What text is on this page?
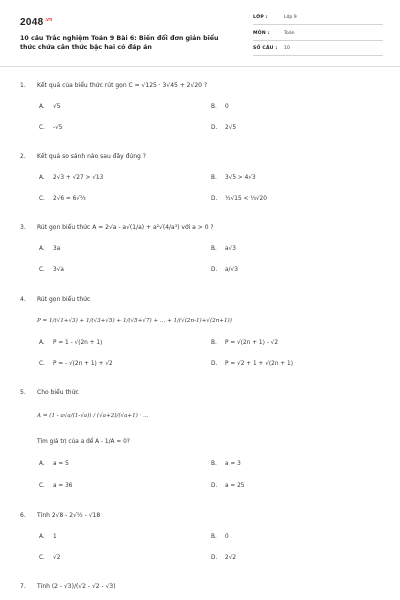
$2048^{.vn}$
10 câu Trắc nghiệm Toán 9 Bài 6: Biến đổi đơn giản biểu thức chứa căn thức bậc hai có đáp án
LỚP :	Lớp 9
MÔN :	Toán
SỐ CÂU : 10
1. Kết quả của biểu thức rút gọn C = √125 · 3√45 + 2√20 ?
A. √5	B. 0
C. -√5	D. 2√5
2. Kết quả so sánh nào sau đây đúng ?
A. 2√3 + √27 > √13	B. 3√5 > 4√3
C. 2√6 = 6√⅔	D. ½√15 < ⅓√20
3. Rút gọn biểu thức A = 2√a - a√(1/a) + a²√(4/a³) với a > 0 ?
A. 3a	B. a√3
C. 3√a	D. a/√3
4. Rút gọn biểu thức
P = 1/(√1+√3) + 1/(√3+√5) + 1/(√5+√7) + ... + 1/(√(2n-1)+√(2n+1))
A. P = 1 - √(2n + 1)	B. P = √(2n + 1) - √2
C. P = - √(2n + 1) + √2	D. P = √2 + 1 + √(2n + 1)
5. Cho biểu thức
A = (1 - a√a/(1-√a)) / (√a+2)/(√a+1) · ...
Tìm giá trị của a để A - 1/A = 0?
A. a = 5	B. a = 3
C. a = 36	D. a = 25
6. Tính 2√8 - 2√½ - √18
A. 1	B. 0
C. √2	D. 2√2
7. Tính (2 - √3)/(√2 - √2 - √3)
